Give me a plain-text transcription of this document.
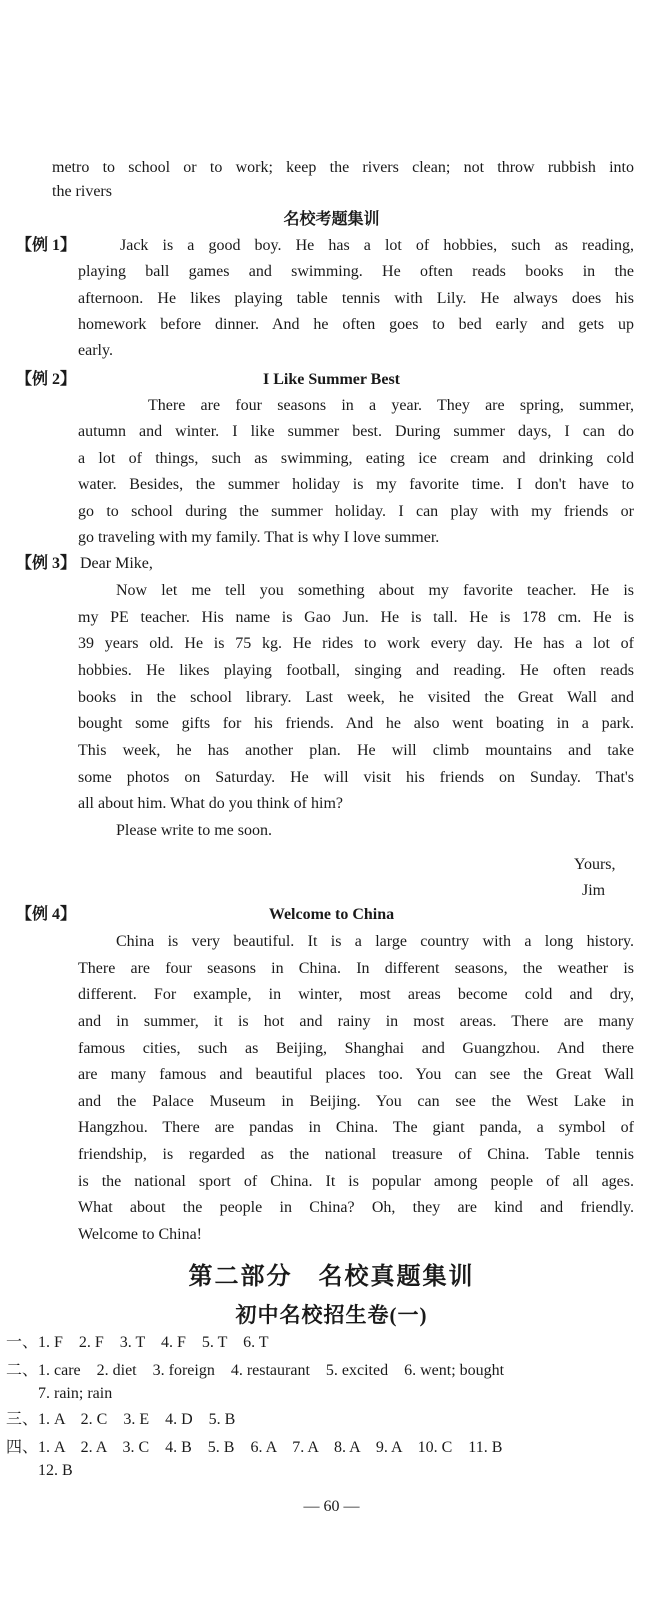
metro to school or to work; keep the rivers clean; not throw rubbish into
the rivers
名校考题集训
【例 1】	Jack is a good boy. He has a lot of hobbies, such as reading,
playing ball games and swimming. He often reads books in the
afternoon. He likes playing table tennis with Lily. He always does his
homework before dinner. And he often goes to bed early and gets up
early.
【例 2】	I Like Summer Best
There are four seasons in a year. They are spring, summer,
autumn and winter. I like summer best. During summer days, I can do
a lot of things, such as swimming, eating ice cream and drinking cold
water. Besides, the summer holiday is my favorite time. I don't have to
go to school during the summer holiday. I can play with my friends or
go traveling with my family. That is why I love summer.
【例 3】 Dear Mike,
Now let me tell you something about my favorite teacher. He is
my PE teacher. His name is Gao Jun. He is tall. He is 178 cm. He is
39 years old. He is 75 kg. He rides to work every day. He has a lot of
hobbies. He likes playing football, singing and reading. He often reads
books in the school library. Last week, he visited the Great Wall and
bought some gifts for his friends. And he also went boating in a park.
This week, he has another plan. He will climb mountains and take
some photos on Saturday. He will visit his friends on Sunday. That's
all about him. What do you think of him?
Please write to me soon.
Yours,
Jim
【例 4】	Welcome to China
China is very beautiful. It is a large country with a long history.
There are four seasons in China. In different seasons, the weather is
different. For example, in winter, most areas become cold and dry,
and in summer, it is hot and rainy in most areas. There are many
famous cities, such as Beijing, Shanghai and Guangzhou. And there
are many famous and beautiful places too. You can see the Great Wall
and the Palace Museum in Beijing. You can see the West Lake in
Hangzhou. There are pandas in China. The giant panda, a symbol of
friendship, is regarded as the national treasure of China. Table tennis
is the national sport of China. It is popular among people of all ages.
What about the people in China? Oh, they are kind and friendly.
Welcome to China!
第二部分　名校真题集训
初中名校招生卷(一)
一、1. F　2. F　3. T　4. F　5. T　6. T
二、1. care　2. diet　3. foreign　4. restaurant　5. excited　6. went; bought
7. rain; rain
三、1. A　2. C　3. E　4. D　5. B
四、1. A　2. A　3. C　4. B　5. B　6. A　7. A　8. A　9. A　10. C　11. B
12. B
— 60 —
